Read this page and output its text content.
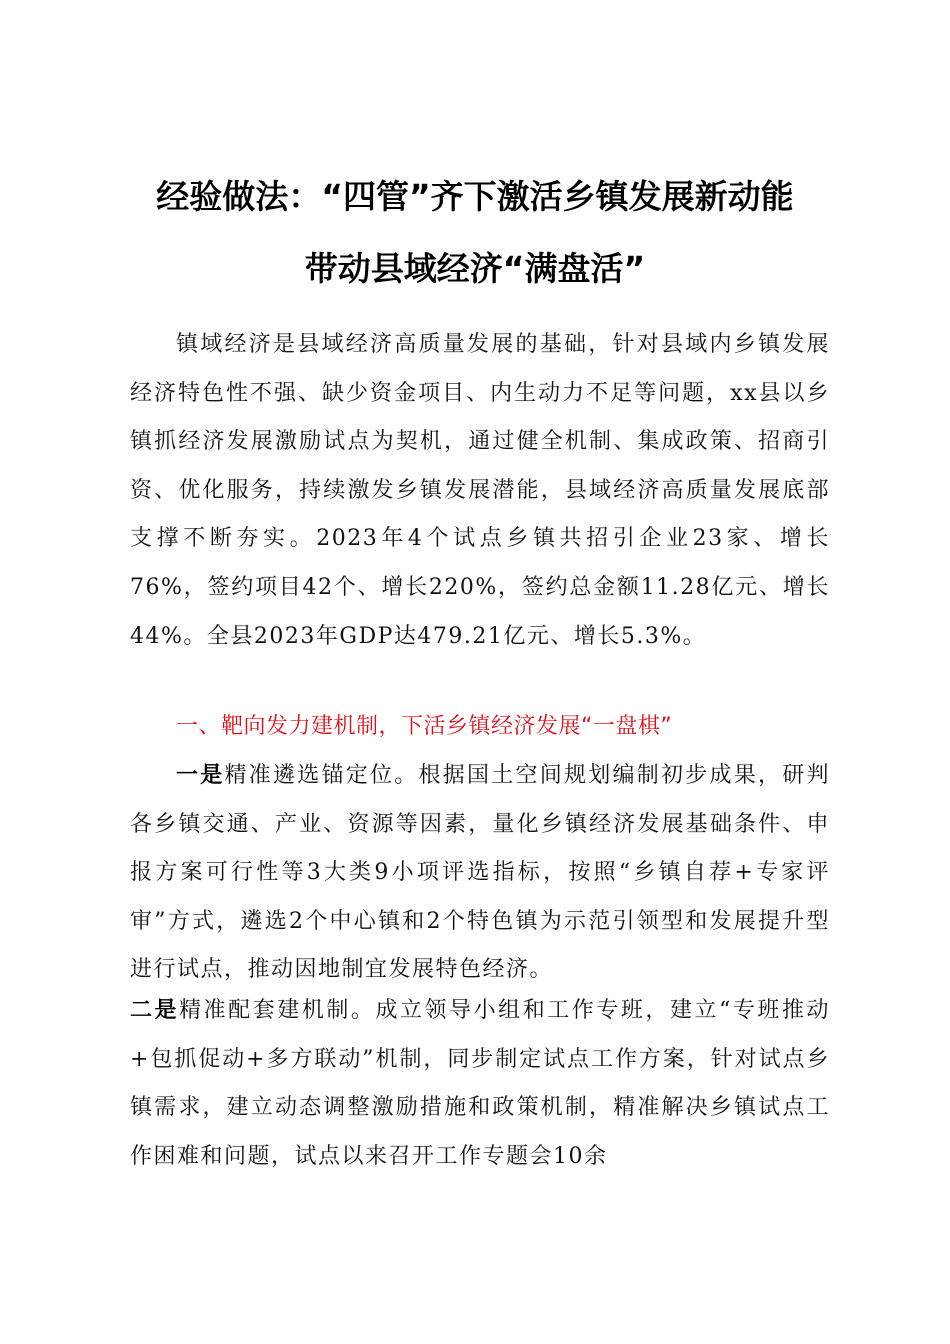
经验做法：“四管”齐下激活乡镇发展新动能
带动县域经济“满盘活”

镇域经济是县域经济高质量发展的基础，针对县域内乡镇发展经济特色性不强、缺少资金项目、内生动力不足等问题，xx县以乡镇抓经济发展激励试点为契机，通过健全机制、集成政策、招商引资、优化服务，持续激发乡镇发展潜能，县域经济高质量发展底部支撑不断夯实。2023年4个试点乡镇共招引企业23家、增长76%，签约项目42个、增长220%，签约总金额11.28亿元、增长44%。全县2023年GDP达479.21亿元、增长5.3%。

一、靶向发力建机制，下活乡镇经济发展“一盘棋”

一是精准遴选锚定位。根据国土空间规划编制初步成果，研判各乡镇交通、产业、资源等因素，量化乡镇经济发展基础条件、申报方案可行性等3大类9小项评选指标，按照“乡镇自荐+专家评审”方式，遴选2个中心镇和2个特色镇为示范引领型和发展提升型进行试点，推动因地制宜发展特色经济。

二是精准配套建机制。成立领导小组和工作专班，建立“专班推动+包抓促动+多方联动”机制，同步制定试点工作方案，针对试点乡镇需求，建立动态调整激励措施和政策机制，精准解决乡镇试点工作困难和问题，试点以来召开工作专题会10余
